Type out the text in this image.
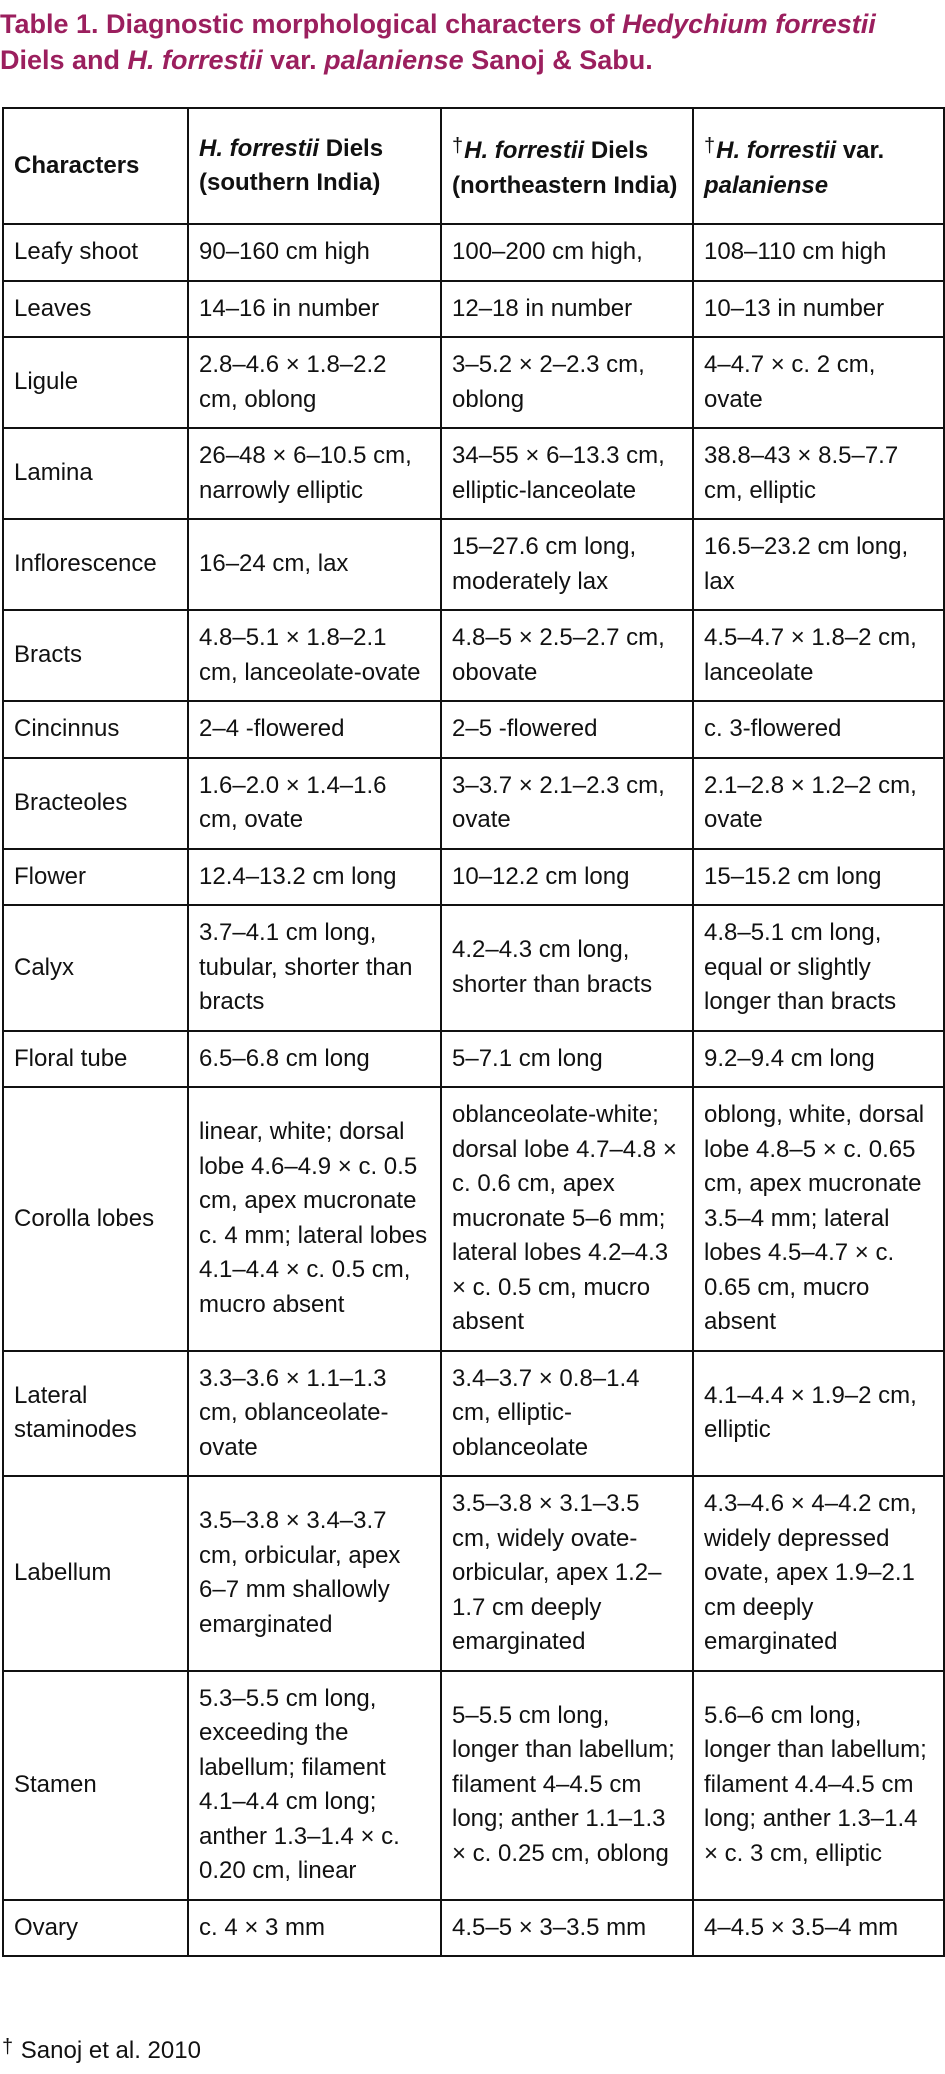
Table 1. Diagnostic morphological characters of Hedychium forrestii
Diels and H. forrestii var. palaniense Sanoj & Sabu.
Characters	H. forrestii Diels (southern India)	†H. forrestii Diels (northeastern India)	†H. forrestii var. palaniense
Leafy shoot	90–160 cm high	100–200 cm high,	108–110 cm high
Leaves	14–16 in number	12–18 in number	10–13 in number
Ligule	2.8–4.6 × 1.8–2.2 cm, oblong	3–5.2 × 2–2.3 cm, oblong	4–4.7 × c. 2 cm, ovate
Lamina	26–48 × 6–10.5 cm, narrowly elliptic	34–55 × 6–13.3 cm, elliptic-lanceolate	38.8–43 × 8.5–7.7 cm, elliptic
Inflorescence	16–24 cm, lax	15–27.6 cm long, moderately lax	16.5–23.2 cm long, lax
Bracts	4.8–5.1 × 1.8–2.1 cm, lanceolate-ovate	4.8–5 × 2.5–2.7 cm, obovate	4.5–4.7 × 1.8–2 cm, lanceolate
Cincinnus	2–4 -flowered	2–5 -flowered	c. 3-flowered
Bracteoles	1.6–2.0 × 1.4–1.6 cm, ovate	3–3.7 × 2.1–2.3 cm, ovate	2.1–2.8 × 1.2–2 cm, ovate
Flower	12.4–13.2 cm long	10–12.2 cm long	15–15.2 cm long
Calyx	3.7–4.1 cm long, tubular, shorter than bracts	4.2–4.3 cm long, shorter than bracts	4.8–5.1 cm long, equal or slightly longer than bracts
Floral tube	6.5–6.8 cm long	5–7.1 cm long	9.2–9.4 cm long
Corolla lobes	linear, white; dorsal lobe 4.6–4.9 × c. 0.5 cm, apex mucronate c. 4 mm; lateral lobes 4.1–4.4 × c. 0.5 cm, mucro absent	oblanceolate-white; dorsal lobe 4.7–4.8 × c. 0.6 cm, apex mucronate 5–6 mm; lateral lobes 4.2–4.3 × c. 0.5 cm, mucro absent	oblong, white, dorsal lobe 4.8–5 × c. 0.65 cm, apex mucronate 3.5–4 mm; lateral lobes 4.5–4.7 × c. 0.65 cm, mucro absent
Lateral staminodes	3.3–3.6 × 1.1–1.3 cm, oblanceolate-ovate	3.4–3.7 × 0.8–1.4 cm, elliptic-oblanceolate	4.1–4.4 × 1.9–2 cm, elliptic
Labellum	3.5–3.8 × 3.4–3.7 cm, orbicular, apex 6–7 mm shallowly emarginated	3.5–3.8 × 3.1–3.5 cm, widely ovate-orbicular, apex 1.2–1.7 cm deeply emarginated	4.3–4.6 × 4–4.2 cm, widely depressed ovate, apex 1.9–2.1 cm deeply emarginated
Stamen	5.3–5.5 cm long, exceeding the labellum; filament 4.1–4.4 cm long; anther 1.3–1.4 × c. 0.20 cm, linear	5–5.5 cm long, longer than labellum; filament 4–4.5 cm long; anther 1.1–1.3 × c. 0.25 cm, oblong	5.6–6 cm long, longer than labellum; filament 4.4–4.5 cm long; anther 1.3–1.4 × c. 3 cm, elliptic
Ovary	c. 4 × 3 mm	4.5–5 × 3–3.5 mm	4–4.5 × 3.5–4 mm
† Sanoj et al. 2010
